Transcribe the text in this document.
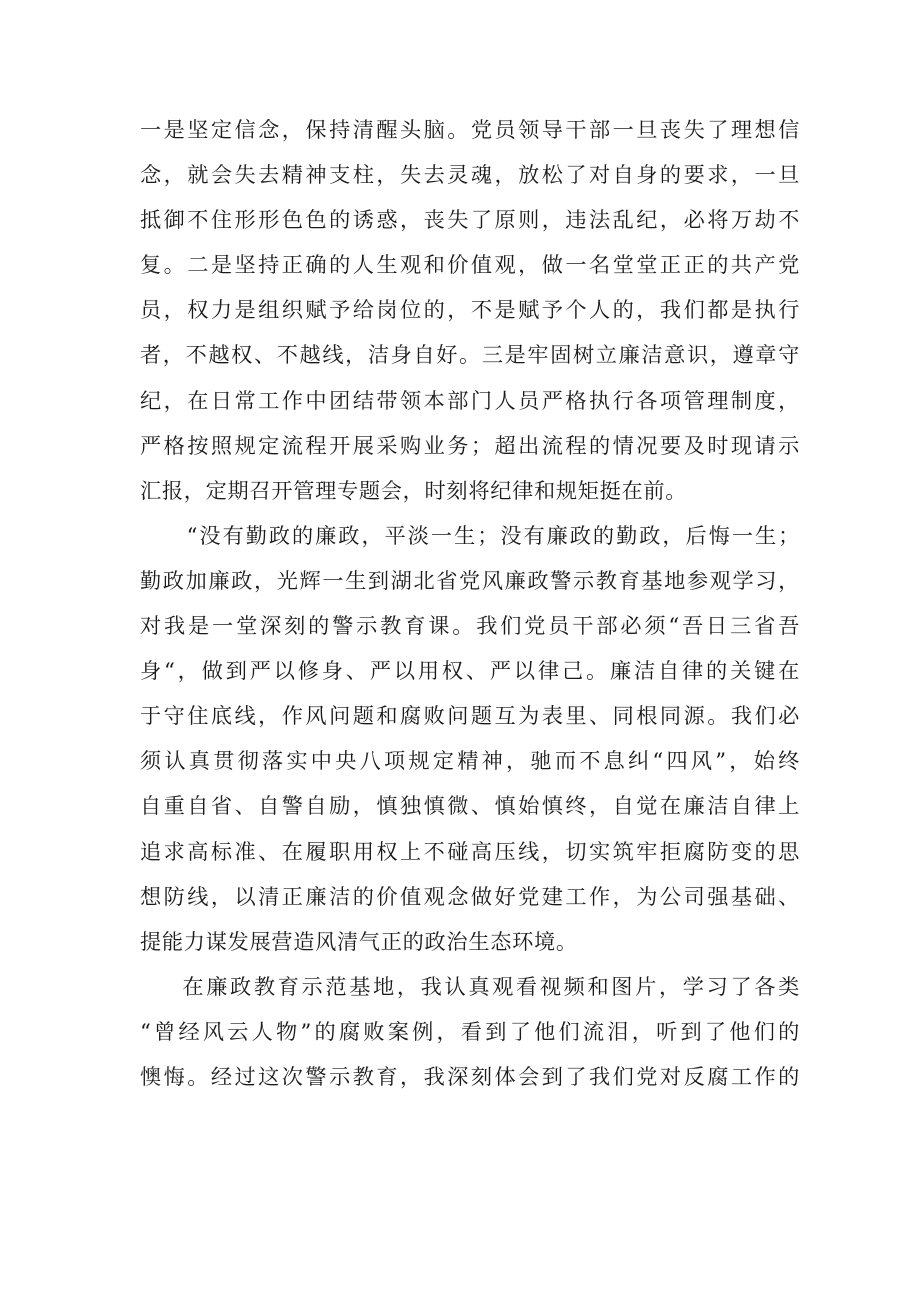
一是坚定信念，保持清醒头脑。党员领导干部一旦丧失了理想信
念，就会失去精神支柱，失去灵魂，放松了对自身的要求，一旦
抵御不住形形色色的诱惑，丧失了原则，违法乱纪，必将万劫不
复。二是坚持正确的人生观和价值观，做一名堂堂正正的共产党
员，权力是组织赋予给岗位的，不是赋予个人的，我们都是执行
者，不越权、不越线，洁身自好。三是牢固树立廉洁意识，遵章守
纪，在日常工作中团结带领本部门人员严格执行各项管理制度，
严格按照规定流程开展采购业务；超出流程的情况要及时现请示
汇报，定期召开管理专题会，时刻将纪律和规矩挺在前。

“没有勤政的廉政，平淡一生；没有廉政的勤政，后悔一生；
勤政加廉政，光辉一生到湖北省党风廉政警示教育基地参观学习，
对我是一堂深刻的警示教育课。我们党员干部必须“吾日三省吾
身“，做到严以修身、严以用权、严以律己。廉洁自律的关键在
于守住底线，作风问题和腐败问题互为表里、同根同源。我们必
须认真贯彻落实中央八项规定精神，驰而不息纠“四风”，始终
自重自省、自警自励，慎独慎微、慎始慎终，自觉在廉洁自律上
追求高标准、在履职用权上不碰高压线，切实筑牢拒腐防变的思
想防线，以清正廉洁的价值观念做好党建工作，为公司强基础、
提能力谋发展营造风清气正的政治生态环境。

在廉政教育示范基地，我认真观看视频和图片，学习了各类
“曾经风云人物”的腐败案例，看到了他们流泪，听到了他们的
懊悔。经过这次警示教育，我深刻体会到了我们党对反腐工作的
